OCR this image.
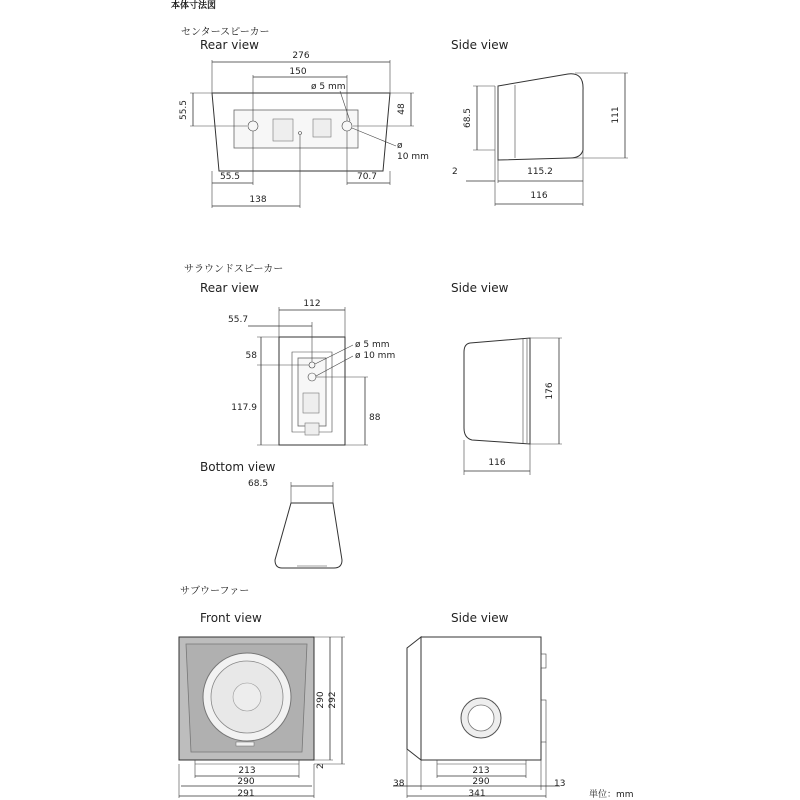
本体寸法図
センタースピーカー
Rear view
276
150
ø 5 mm
55.5	48
ø
10 mm
55.5	70.7
138
Side view
68.5	111
2	115.2
116
サラウンドスピーカー
Rear view
112
55.7
ø 5 mm
ø 10 mm
58
117.9
88
Side view
176
116
Bottom view
68.5
サブウーファー
Front view
290 292
2
213
290
291
Side view
213
38	290	13
341	単位：mm
